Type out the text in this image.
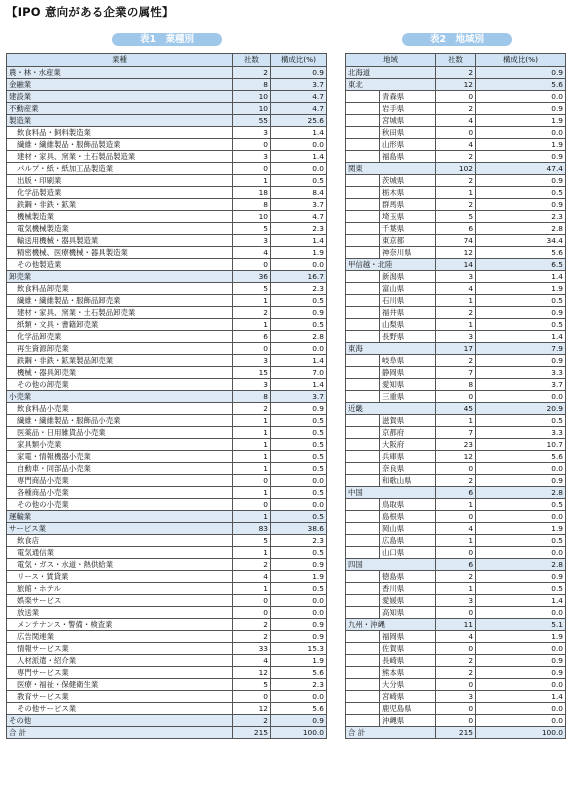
【IPO 意向がある企業の属性】
表1　業種別	表2　地域別
業種	社数	構成比(%)
農・林・水産業	2	0.9
金融業	8	3.7
建設業	10	4.7
不動産業	10	4.7
製造業	55	25.6
飲食料品・飼料製造業	3	1.4
繊維・繊維製品・服飾品製造業	0	0.0
建材・家具、窯業・土石製品製造業	3	1.4
パルプ・紙・紙加工品製造業	0	0.0
出版・印刷業	1	0.5
化学品製造業	18	8.4
鉄鋼・非鉄・鉱業	8	3.7
機械製造業	10	4.7
電気機械製造業	5	2.3
輸送用機械・器具製造業	3	1.4
精密機械、医療機械・器具製造業	4	1.9
その他製造業	0	0.0
卸売業	36	16.7
飲食料品卸売業	5	2.3
繊維・繊維製品・服飾品卸売業	1	0.5
建材・家具、窯業・土石製品卸売業	2	0.9
紙類・文具・書籍卸売業	1	0.5
化学品卸売業	6	2.8
再生資源卸売業	0	0.0
鉄鋼・非鉄・鉱業製品卸売業	3	1.4
機械・器具卸売業	15	7.0
その他の卸売業	3	1.4
小売業	8	3.7
飲食料品小売業	2	0.9
繊維・繊維製品・服飾品小売業	1	0.5
医薬品・日用雑貨品小売業	1	0.5
家具類小売業	1	0.5
家電・情報機器小売業	1	0.5
自動車・同部品小売業	1	0.5
専門商品小売業	0	0.0
各種商品小売業	1	0.5
その他の小売業	0	0.0
運輸業	1	0.5
サービス業	83	38.6
飲食店	5	2.3
電気通信業	1	0.5
電気・ガス・水道・熱供給業	2	0.9
リース・賃貸業	4	1.9
旅館・ホテル	1	0.5
娯楽サービス	0	0.0
放送業	0	0.0
メンテナンス・警備・検査業	2	0.9
広告関連業	2	0.9
情報サービス業	33	15.3
人材派遣・紹介業	4	1.9
専門サービス業	12	5.6
医療・福祉・保健衛生業	5	2.3
教育サービス業	0	0.0
その他サービス業	12	5.6
その他	2	0.9
合 計	215	100.0
地域		社数	構成比(%)
北海道		2	0.9
東北		12	5.6
	青森県	0	0.0
	岩手県	2	0.9
	宮城県	4	1.9
	秋田県	0	0.0
	山形県	4	1.9
	福島県	2	0.9
関東		102	47.4
	茨城県	2	0.9
	栃木県	1	0.5
	群馬県	2	0.9
	埼玉県	5	2.3
	千葉県	6	2.8
	東京都	74	34.4
	神奈川県	12	5.6
甲信越・北陸		14	6.5
	新潟県	3	1.4
	富山県	4	1.9
	石川県	1	0.5
	福井県	2	0.9
	山梨県	1	0.5
	長野県	3	1.4
東海		17	7.9
	岐阜県	2	0.9
	静岡県	7	3.3
	愛知県	8	3.7
	三重県	0	0.0
近畿		45	20.9
	滋賀県	1	0.5
	京都府	7	3.3
	大阪府	23	10.7
	兵庫県	12	5.6
	奈良県	0	0.0
	和歌山県	2	0.9
中国		6	2.8
	鳥取県	1	0.5
	島根県	0	0.0
	岡山県	4	1.9
	広島県	1	0.5
	山口県	0	0.0
四国		6	2.8
	徳島県	2	0.9
	香川県	1	0.5
	愛媛県	3	1.4
	高知県	0	0.0
九州・沖縄		11	5.1
	福岡県	4	1.9
	佐賀県	0	0.0
	長崎県	2	0.9
	熊本県	2	0.9
	大分県	0	0.0
	宮崎県	3	1.4
	鹿児島県	0	0.0
	沖縄県	0	0.0
合 計		215	100.0
